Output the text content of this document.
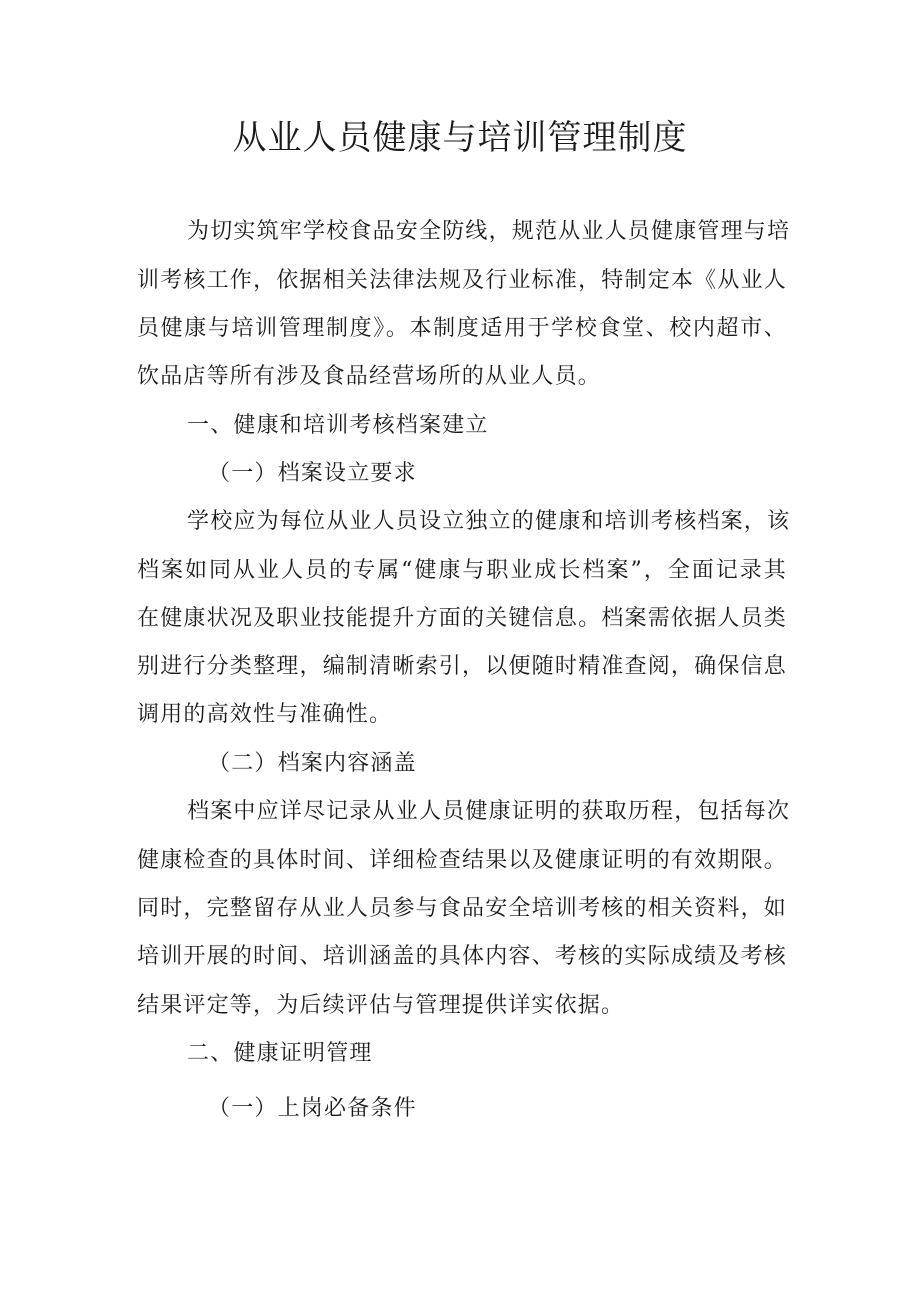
从业人员健康与培训管理制度

为切实筑牢学校食品安全防线，规范从业人员健康管理与培

训考核工作，依据相关法律法规及行业标准，特制定本《从业人

员健康与培训管理制度》。本制度适用于学校食堂、校内超市、

饮品店等所有涉及食品经营场所的从业人员。

一、健康和培训考核档案建立

（一）档案设立要求

学校应为每位从业人员设立独立的健康和培训考核档案，该

档案如同从业人员的专属“健康与职业成长档案”，全面记录其

在健康状况及职业技能提升方面的关键信息。档案需依据人员类

别进行分类整理，编制清晰索引，以便随时精准查阅，确保信息

调用的高效性与准确性。

（二）档案内容涵盖

档案中应详尽记录从业人员健康证明的获取历程，包括每次

健康检查的具体时间、详细检查结果以及健康证明的有效期限。

同时，完整留存从业人员参与食品安全培训考核的相关资料，如

培训开展的时间、培训涵盖的具体内容、考核的实际成绩及考核

结果评定等，为后续评估与管理提供详实依据。

二、健康证明管理

（一）上岗必备条件
